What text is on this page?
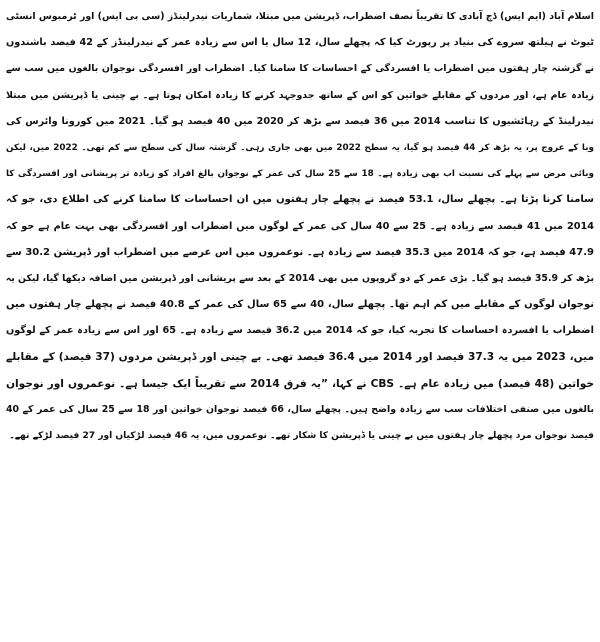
اسلام آباد (ایم ایس) ڈچ آبادی کا تقریباً نصف اضطراب، ڈپریشن میں مبتلا، شماریات نیدرلینڈز (سی بی ایس) اور ٹرمبوس انسٹی
ٹیوٹ نے ہیلتھ سروے کی بنیاد پر رپورٹ کیا کہ پچھلے سال، 12 سال یا اس سے زیادہ عمر کے نیدرلینڈز کے 42 فیصد باشندوں
نے گزشتہ چار ہفتوں میں اضطراب یا افسردگی کے احساسات کا سامنا کیا۔ اضطراب اور افسردگی نوجوان بالغوں میں سب سے
زیادہ عام ہے، اور مردوں کے مقابلے خواتین کو اس کے ساتھ جدوجہد کرنے کا زیادہ امکان ہوتا ہے۔ بے چینی یا ڈپریشن میں مبتلا
نیدرلینڈ کے رہائشیوں کا تناسب 2014 میں 36 فیصد سے بڑھ کر 2020 میں 40 فیصد ہو گیا۔ 2021 میں کورونا وائرس کی
وبا کے عروج پر، یہ بڑھ کر 44 فیصد ہو گیا، یہ سطح 2022 میں بھی جاری رہی۔ گزشتہ سال کی سطح سے کم تھی۔ 2022 میں، لیکن
وبائی مرض سے پہلے کی نسبت اب بھی زیادہ ہے۔ 18 سے 25 سال کی عمر کے نوجوان بالغ افراد کو زیادہ تر پریشانی اور افسردگی کا
سامنا کرنا پڑتا ہے۔ پچھلے سال، 53.1 فیصد نے پچھلے چار ہفتوں میں ان احساسات کا سامنا کرنے کی اطلاع دی، جو کہ
2014 میں 41 فیصد سے زیادہ ہے۔ 25 سے 40 سال کی عمر کے لوگوں میں اضطراب اور افسردگی بھی بہت عام ہے جو کہ
47.9 فیصد ہے، جو کہ 2014 میں 35.3 فیصد سے زیادہ ہے۔ نوعمروں میں اس عرصے میں اضطراب اور ڈپریشن 30.2 سے
بڑھ کر 35.9 فیصد ہو گیا۔ بڑی عمر کے دو گروپوں میں بھی 2014 کے بعد سے پریشانی اور ڈپریشن میں اضافہ دیکھا گیا، لیکن یہ
نوجوان لوگوں کے مقابلے میں کم اہم تھا۔ پچھلے سال، 40 سے 65 سال کی عمر کے 40.8 فیصد نے پچھلے چار ہفتوں میں
اضطراب یا افسردہ احساسات کا تجربہ کیا، جو کہ 2014 میں 36.2 فیصد سے زیادہ ہے۔ 65 اور اس سے زیادہ عمر کے لوگوں
میں، 2023 میں یہ 37.3 فیصد اور 2014 میں 36.4 فیصد تھی۔ بے چینی اور ڈپریشن مردوں (37 فیصد) کے مقابلے
خواتین (48 فیصد) میں زیادہ عام ہے۔ CBS نے کہا، ”یہ فرق 2014 سے تقریباً ایک جیسا ہے۔ نوعمروں اور نوجوان
بالغوں میں صنفی اختلافات سب سے زیادہ واضح ہیں۔ پچھلے سال، 66 فیصد نوجوان خواتین اور 18 سے 25 سال کی عمر کے 40
فیصد نوجوان مرد پچھلے چار ہفتوں میں بے چینی یا ڈپریشن کا شکار تھے۔ نوعمروں میں، یہ 46 فیصد لڑکیاں اور 27 فیصد لڑکے تھے۔
